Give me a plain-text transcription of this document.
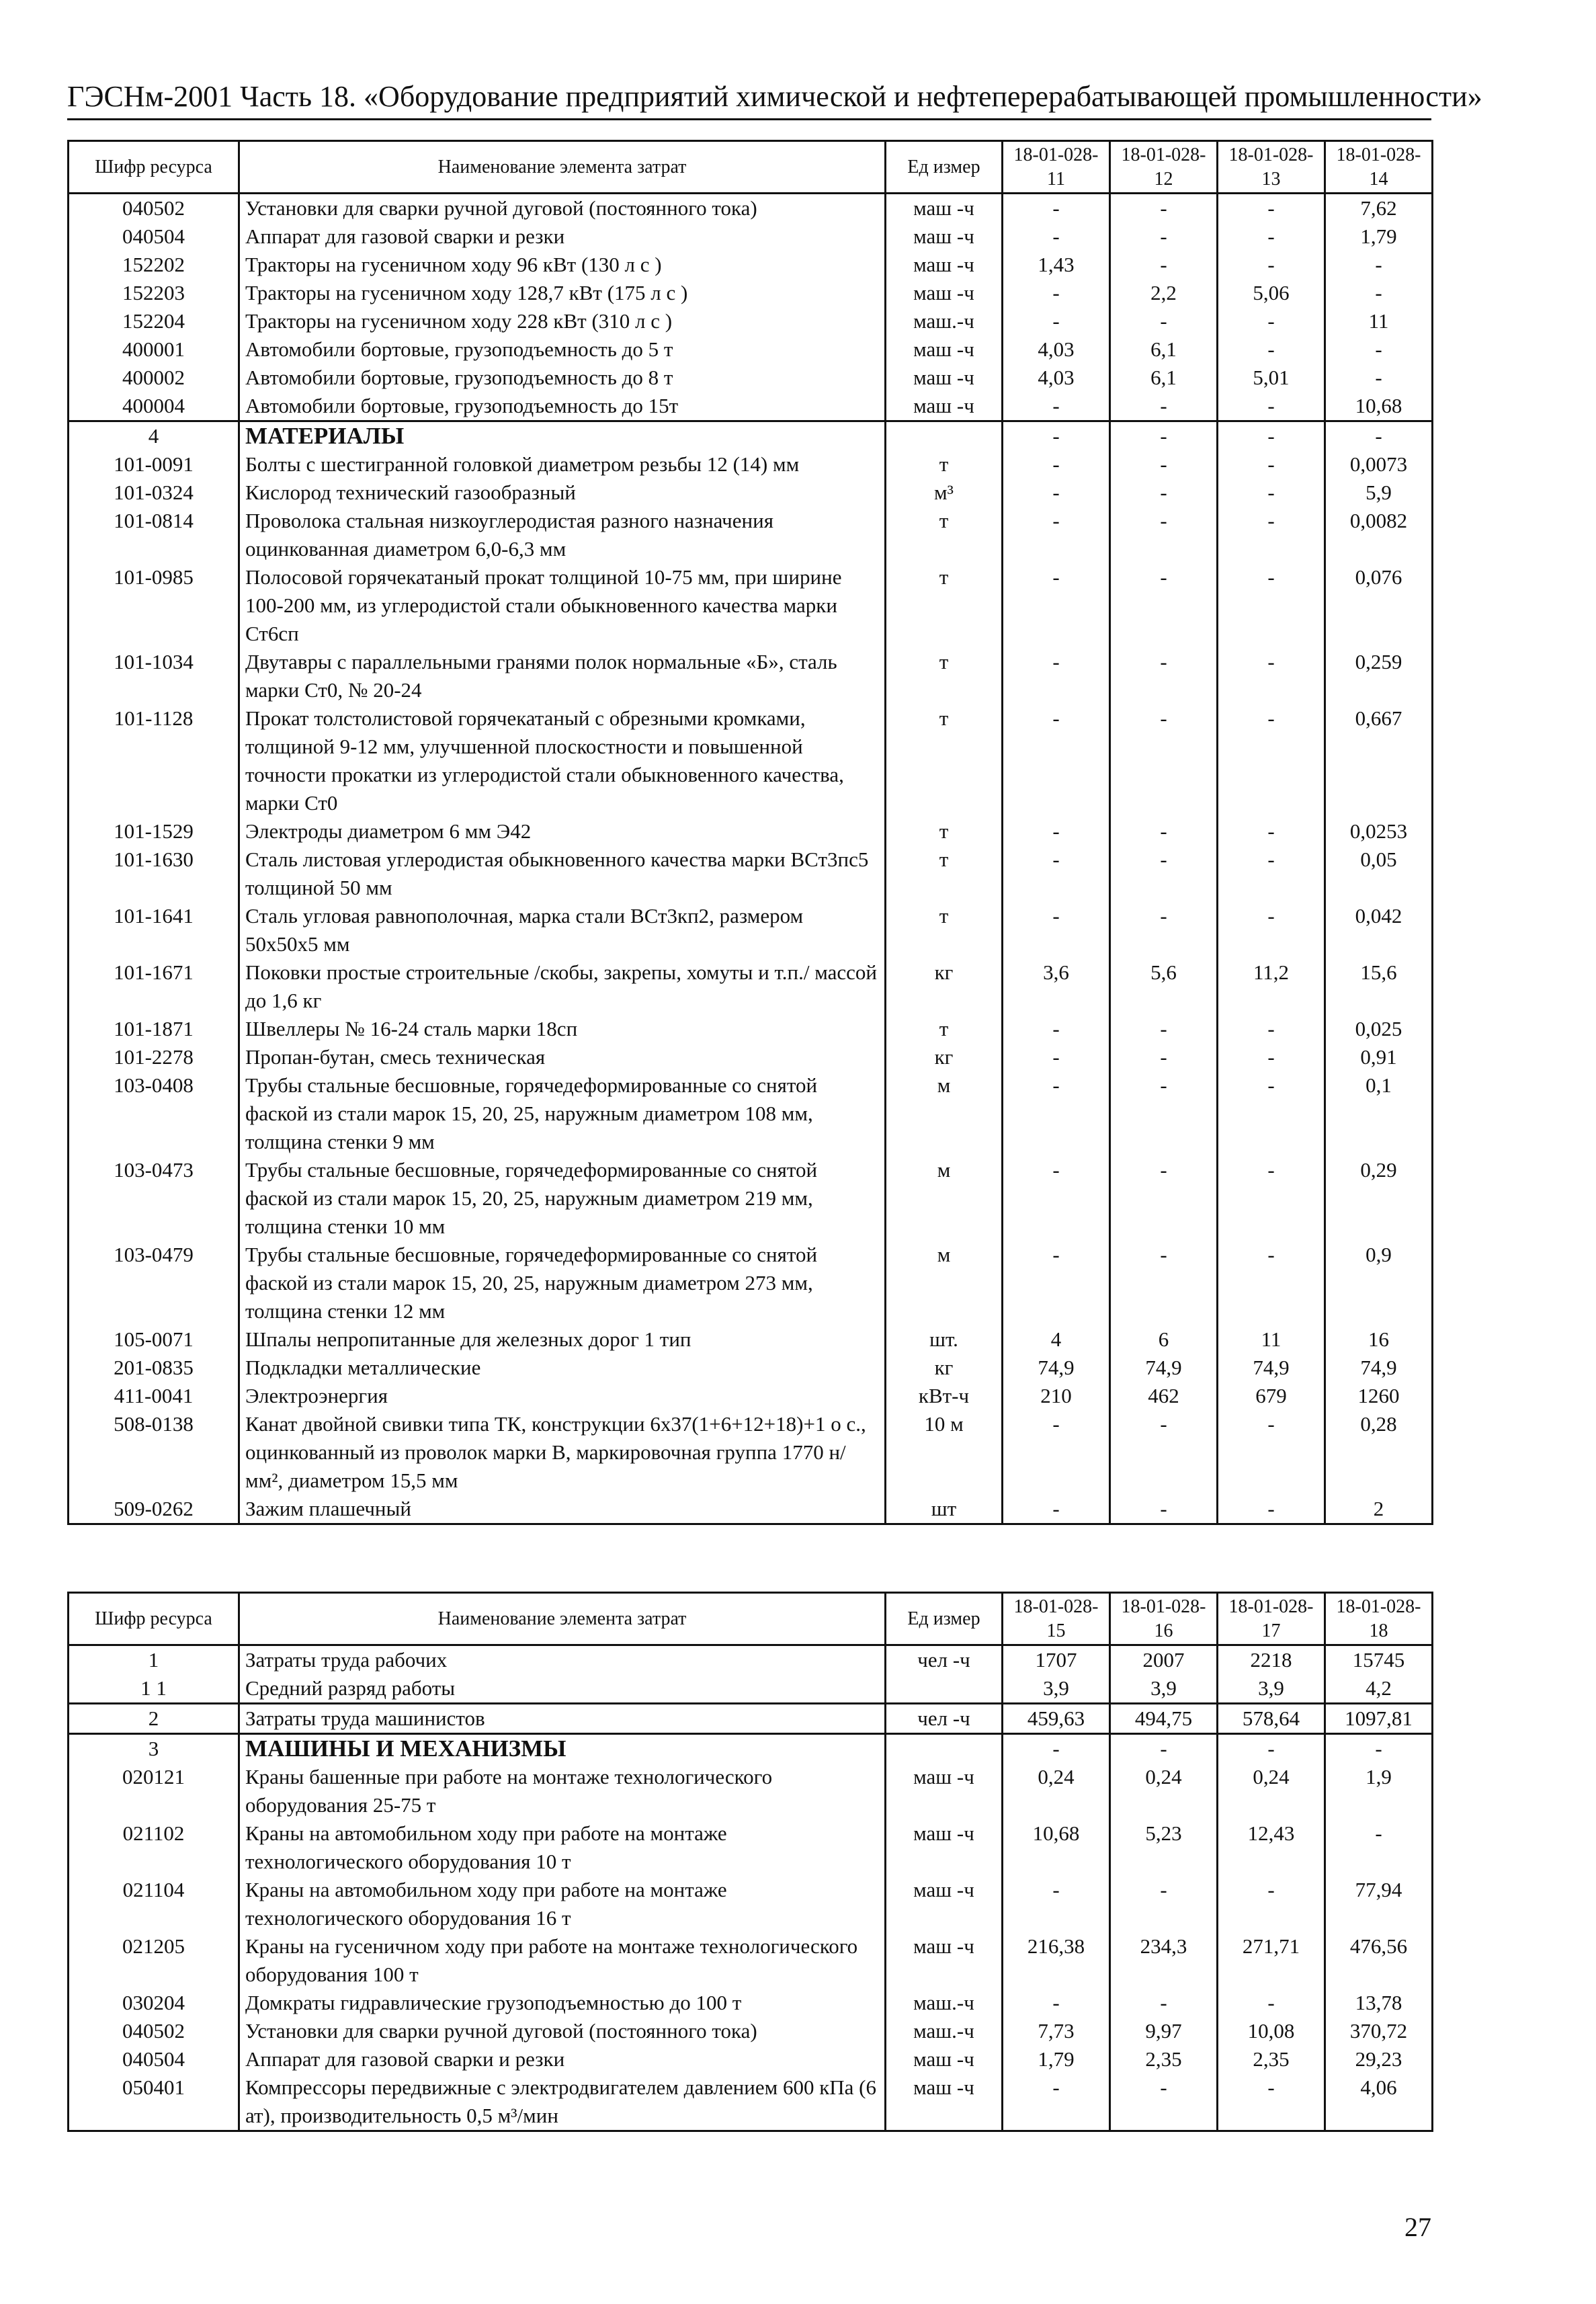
ГЭСНм-2001 Часть 18. «Оборудование предприятий химической и нефтеперерабатывающей промышленности»
Шифр ресурса	Наименование элемента затрат	Ед измер	18-01-028-11	18-01-028-12	18-01-028-13	18-01-028-14
040502	Установки для сварки ручной дуговой (постоянного тока)	маш -ч	-	-	-	7,62
040504	Аппарат для газовой сварки и резки	маш -ч	-	-	-	1,79
152202	Тракторы на гусеничном ходу 96 кВт (130 л с )	маш -ч	1,43	-	-	-
152203	Тракторы на гусеничном ходу 128,7 кВт (175 л с )	маш -ч	-	2,2	5,06	-
152204	Тракторы на гусеничном ходу 228 кВт (310 л с )	маш.-ч	-	-	-	11
400001	Автомобили бортовые, грузоподъемность до 5 т	маш -ч	4,03	6,1	-	-
400002	Автомобили бортовые, грузоподъемность до 8 т	маш -ч	4,03	6,1	5,01	-
400004	Автомобили бортовые, грузоподъемность до 15т	маш -ч	-	-	-	10,68
4	МАТЕРИАЛЫ		-	-	-	-
101-0091	Болты с шестигранной головкой диаметром резьбы 12 (14) мм	т	-	-	-	0,0073
101-0324	Кислород технический газообразный	м³	-	-	-	5,9
101-0814	Проволока стальная низкоуглеродистая разного назначения оцинкованная диаметром 6,0-6,3 мм	т	-	-	-	0,0082
101-0985	Полосовой горячекатаный прокат толщиной 10-75 мм, при ширине 100-200 мм, из углеродистой стали обыкновенного качества марки Ст6сп	т	-	-	-	0,076
101-1034	Двутавры с параллельными гранями полок нормальные «Б», сталь марки Ст0, № 20-24	т	-	-	-	0,259
101-1128	Прокат толстолистовой горячекатаный с обрезными кромками, толщиной 9-12 мм, улучшенной плоскостности и повышенной точности прокатки из углеродистой стали обыкновенного качества, марки Ст0	т	-	-	-	0,667
101-1529	Электроды диаметром 6 мм Э42	т	-	-	-	0,0253
101-1630	Сталь листовая углеродистая обыкновенного качества марки ВСт3пс5 толщиной 50 мм	т	-	-	-	0,05
101-1641	Сталь угловая равнополочная, марка стали ВСт3кп2, размером 50х50х5 мм	т	-	-	-	0,042
101-1671	Поковки простые строительные /скобы, закрепы, хомуты и т.п./ массой до 1,6 кг	кг	3,6	5,6	11,2	15,6
101-1871	Швеллеры № 16-24 сталь марки 18сп	т	-	-	-	0,025
101-2278	Пропан-бутан, смесь техническая	кг	-	-	-	0,91
103-0408	Трубы стальные бесшовные, горячедеформированные со снятой фаской из стали марок 15, 20, 25, наружным диаметром 108 мм, толщина стенки 9 мм	м	-	-	-	0,1
103-0473	Трубы стальные бесшовные, горячедеформированные со снятой фаской из стали марок 15, 20, 25, наружным диаметром 219 мм, толщина стенки 10 мм	м	-	-	-	0,29
103-0479	Трубы стальные бесшовные, горячедеформированные со снятой фаской из стали марок 15, 20, 25, наружным диаметром 273 мм, толщина стенки 12 мм	м	-	-	-	0,9
105-0071	Шпалы непропитанные для железных дорог 1 тип	шт.	4	6	11	16
201-0835	Подкладки металлические	кг	74,9	74,9	74,9	74,9
411-0041	Электроэнергия	кВт-ч	210	462	679	1260
508-0138	Канат двойной свивки типа ТК, конструкции 6х37(1+6+12+18)+1 о с., оцинкованный из проволок марки В, маркировочная группа 1770 н/мм², диаметром 15,5 мм	10 м	-	-	-	0,28
509-0262	Зажим плашечный	шт	-	-	-	2
Шифр ресурса	Наименование элемента затрат	Ед измер	18-01-028-15	18-01-028-16	18-01-028-17	18-01-028-18
1	Затраты труда рабочих	чел -ч	1707	2007	2218	15745
1 1	Средний разряд работы		3,9	3,9	3,9	4,2
2	Затраты труда машинистов	чел -ч	459,63	494,75	578,64	1097,81
3	МАШИНЫ И МЕХАНИЗМЫ		-	-	-	-
020121	Краны башенные при работе на монтаже технологического оборудования 25-75 т	маш -ч	0,24	0,24	0,24	1,9
021102	Краны на автомобильном ходу при работе на монтаже технологического оборудования 10 т	маш -ч	10,68	5,23	12,43	-
021104	Краны на автомобильном ходу при работе на монтаже технологического оборудования 16 т	маш -ч	-	-	-	77,94
021205	Краны на гусеничном ходу при работе на монтаже технологического оборудования 100 т	маш -ч	216,38	234,3	271,71	476,56
030204	Домкраты гидравлические грузоподъемностью до 100 т	маш.-ч	-	-	-	13,78
040502	Установки для сварки ручной дуговой (постоянного тока)	маш.-ч	7,73	9,97	10,08	370,72
040504	Аппарат для газовой сварки и резки	маш -ч	1,79	2,35	2,35	29,23
050401	Компрессоры передвижные с электродвигателем давлением 600 кПа (6 ат), производительность 0,5 м³/мин	маш -ч	-	-	-	4,06
27
